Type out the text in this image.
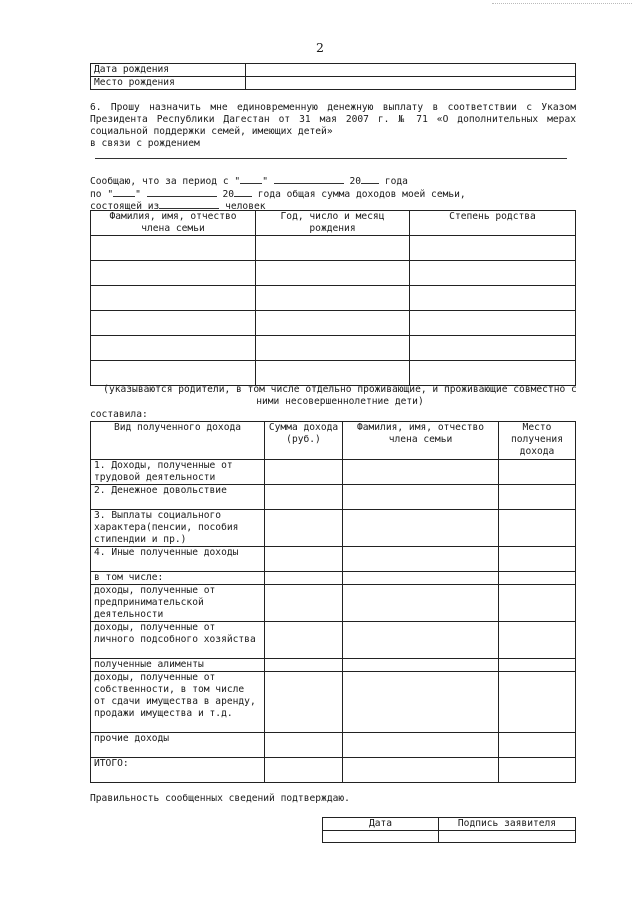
2
Дата рождения	
Место рождения	
6. Прошу назначить мне единовременную денежную выплату в соответствии с Указом Президента Республики Дагестан от 31 мая 2007 г. № 71 «О дополнительных мерах социальной поддержки семей, имеющих детей»
в связи с рождением
Сообщаю, что за период с " "	20 года
по " "	20 года общая сумма доходов моей семьи,
состоящей из	человек
Фамилия, имя, отчество члена семьи	Год, число и месяц рождения	Степень родства

(указываются родители, в том числе отдельно проживающие, и проживающие совместно с ними несовершеннолетние дети)
составила:
Вид полученного дохода	Сумма дохода (руб.)	Фамилия, имя, отчество члена семьи	Место получения дохода
1. Доходы, полученные от трудовой деятельности			
2. Денежное довольствие			
3. Выплаты социального характера(пенсии, пособия стипендии и пр.)			
4. Иные полученные доходы			
в том числе:			
доходы, полученные от предпринимательской деятельности			
доходы, полученные от личного подсобного хозяйства			
полученные алименты			
доходы, полученные от собственности, в том числе от сдачи имущества в аренду, продажи имущества и т.д.			
прочие доходы			
ИТОГО:			
Правильность сообщенных сведений подтверждаю.
Дата	Подпись заявителя
